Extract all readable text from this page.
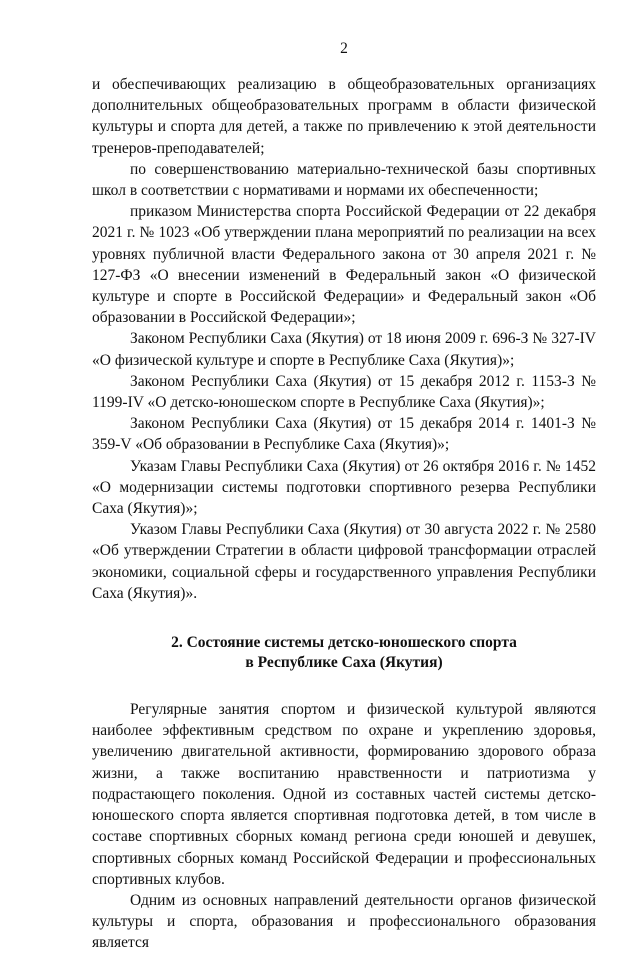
2

и обеспечивающих реализацию в общеобразовательных организациях дополнительных общеобразовательных программ в области физической культуры и спорта для детей, а также по привлечению к этой деятельности тренеров-преподавателей;

по совершенствованию материально-технической базы спортивных школ в соответствии с нормативами и нормами их обеспеченности;

приказом Министерства спорта Российской Федерации от 22 декабря 2021 г. № 1023 «Об утверждении плана мероприятий по реализации на всех уровнях публичной власти Федерального закона от 30 апреля 2021 г. № 127-ФЗ «О внесении изменений в Федеральный закон «О физической культуре и спорте в Российской Федерации» и Федеральный закон «Об образовании в Российской Федерации»;

Законом Республики Саха (Якутия) от 18 июня 2009 г. 696-З № 327-IV «О физической культуре и спорте в Республике Саха (Якутия)»;

Законом Республики Саха (Якутия) от 15 декабря 2012 г. 1153-З № 1199-IV «О детско-юношеском спорте в Республике Саха (Якутия)»;

Законом Республики Саха (Якутия) от 15 декабря 2014 г. 1401-З № 359-V «Об образовании в Республике Саха (Якутия)»;

Указам Главы Республики Саха (Якутия) от 26 октября 2016 г. № 1452 «О модернизации системы подготовки спортивного резерва Республики Саха (Якутия)»;

Указом Главы Республики Саха (Якутия) от 30 августа 2022 г. № 2580 «Об утверждении Стратегии в области цифровой трансформации отраслей экономики, социальной сферы и государственного управления Республики Саха (Якутия)».

2. Состояние системы детско-юношеского спорта
в Республике Саха (Якутия)

Регулярные занятия спортом и физической культурой являются наиболее эффективным средством по охране и укреплению здоровья, увеличению двигательной активности, формированию здорового образа жизни, а также воспитанию нравственности и патриотизма у подрастающего поколения. Одной из составных частей системы детско-юношеского спорта является спортивная подготовка детей, в том числе в составе спортивных сборных команд региона среди юношей и девушек, спортивных сборных команд Российской Федерации и профессиональных спортивных клубов.

Одним из основных направлений деятельности органов физической культуры и спорта, образования и профессионального образования является
